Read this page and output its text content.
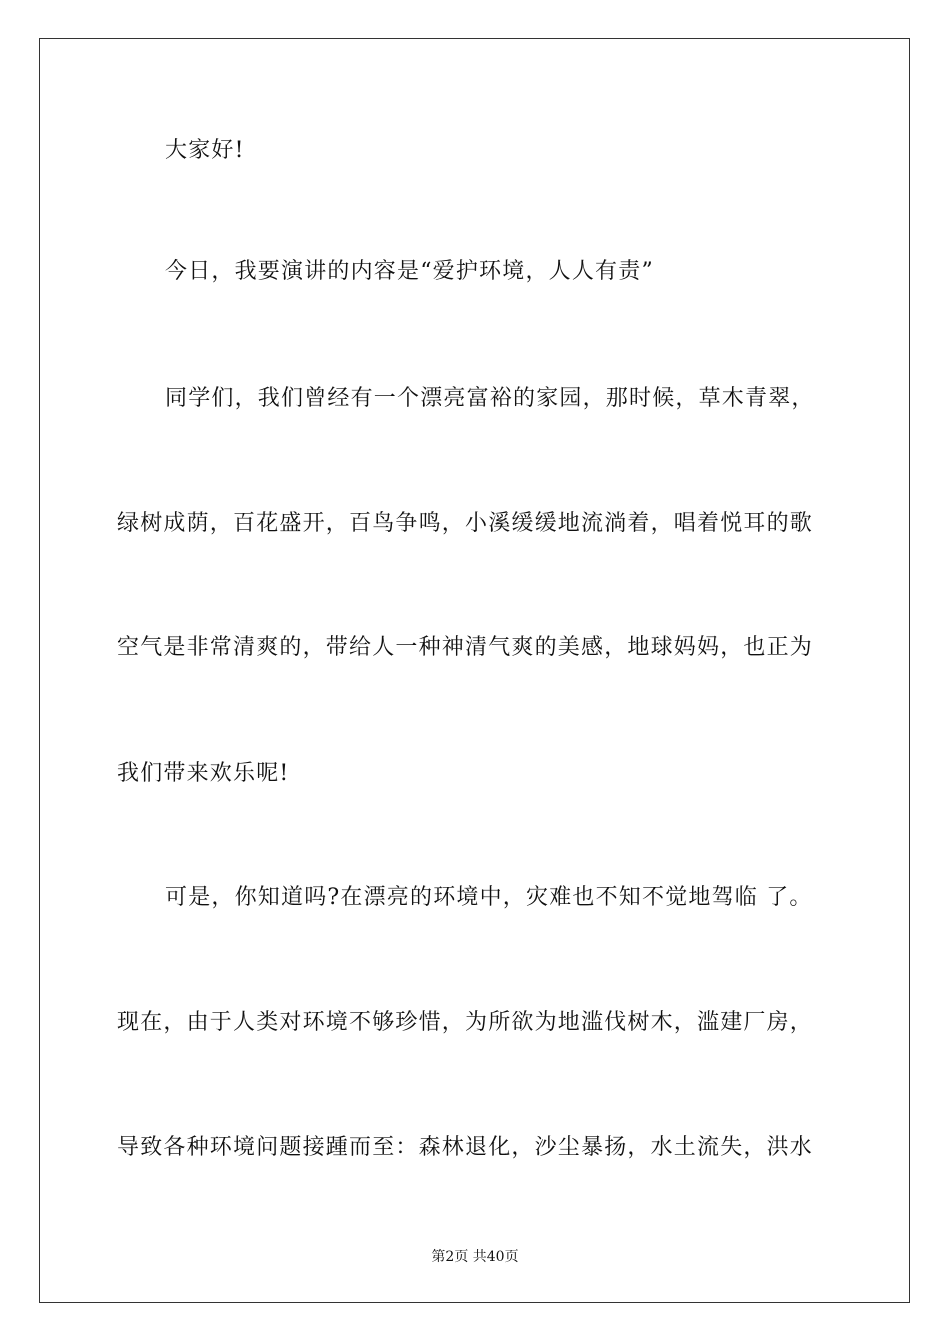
大家好!
今日，我要演讲的内容是“爱护环境，人人有责”
同学们，我们曾经有一个漂亮富裕的家园，那时候，草木青翠，
绿树成荫，百花盛开，百鸟争鸣，小溪缓缓地流淌着，唱着悦耳的歌
空气是非常清爽的，带给人一种神清气爽的美感，地球妈妈，也正为
我们带来欢乐呢!
可是，你知道吗?在漂亮的环境中，灾难也不知不觉地驾临 了。
现在，由于人类对环境不够珍惜，为所欲为地滥伐树木，滥建厂房，
导致各种环境问题接踵而至：森林退化，沙尘暴扬，水土流失，洪水
第2页 共40页
